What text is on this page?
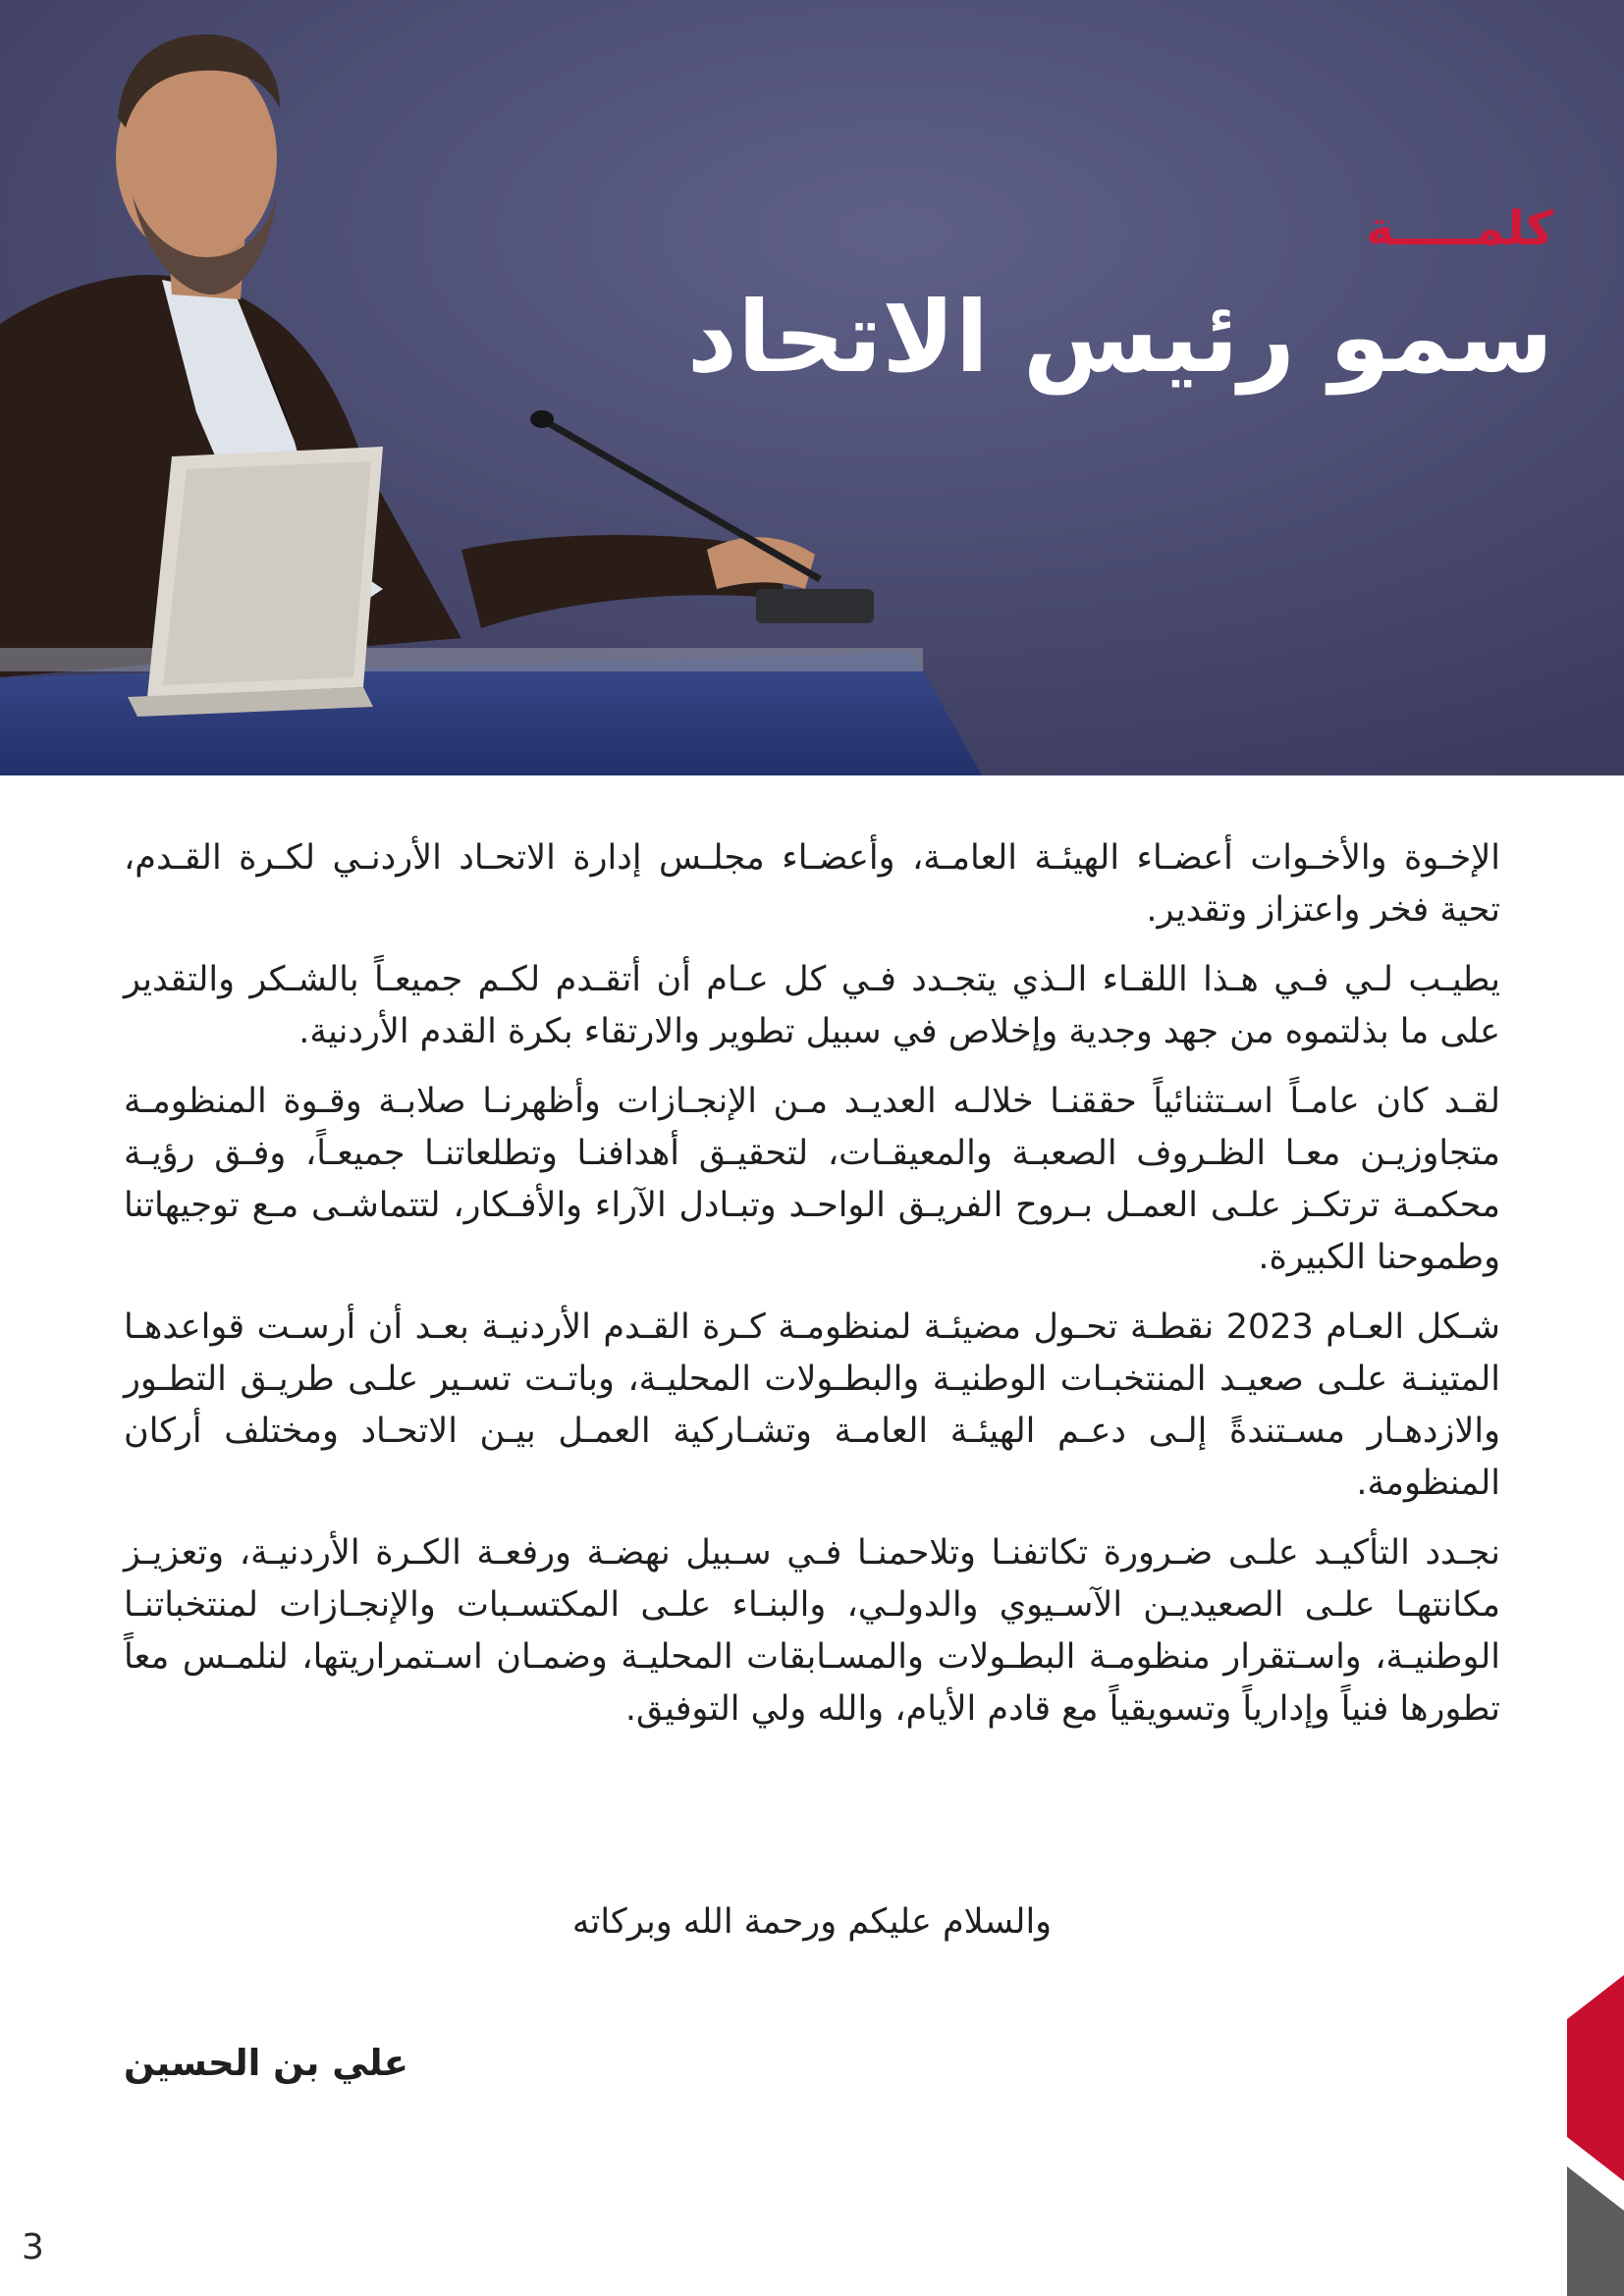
كلمـــــة
سمو رئيس الاتحاد

الإخـوة والأخـوات أعضـاء الهيئـة العامـة، وأعضـاء مجلـس إدارة الاتحـاد الأردنـي لكـرة القـدم، تحية فخر واعتزاز وتقدير.

يطيـب لـي فـي هـذا اللقـاء الـذي يتجـدد فـي كل عـام أن أتقـدم لكـم جميعـاً بالشـكر والتقدير على ما بذلتموه من جهد وجدية وإخلاص في سبيل تطوير والارتقاء بكرة القدم الأردنية.

لقـد كان عامـاً اسـتثنائياً حققنـا خلالـه العديـد مـن الإنجـازات وأظهرنـا صلابـة وقـوة المنظومـة متجاوزيـن معـا الظـروف الصعبـة والمعيقـات، لتحقيـق أهدافنـا وتطلعاتنـا جميعـاً، وفـق رؤيـة محكمـة ترتكـز علـى العمـل بـروح الفريـق الواحـد وتبـادل الآراء والأفـكار، لتتماشـى مـع توجيهاتنا وطموحنا الكبيرة.

شـكل العـام 2023 نقطـة تحـول مضيئـة لمنظومـة كـرة القـدم الأردنيـة بعـد أن أرسـت قواعدهـا المتينـة علـى صعيـد المنتخبـات الوطنيـة والبطـولات المحليـة، وباتـت تسـير علـى طريـق التطـور والازدهـار مسـتندةً إلـى دعـم الهيئـة العامـة وتشـاركية العمـل بيـن الاتحـاد ومختلف أركان المنظومة.

نجـدد التأكيـد علـى ضـرورة تكاتفنـا وتلاحمنـا فـي سـبيل نهضـة ورفعـة الكـرة الأردنيـة، وتعزيـز مكانتهـا علـى الصعيديـن الآسـيوي والدولـي، والبنـاء علـى المكتسـبات والإنجـازات لمنتخباتنـا الوطنيـة، واسـتقرار منظومـة البطـولات والمسـابقات المحليـة وضمـان اسـتمراريتها، لنلمـس معاً تطورها فنياً وإدارياً وتسويقياً مع قادم الأيام، والله ولي التوفيق.

والسلام عليكم ورحمة الله وبركاته
علي بن الحسين
3
